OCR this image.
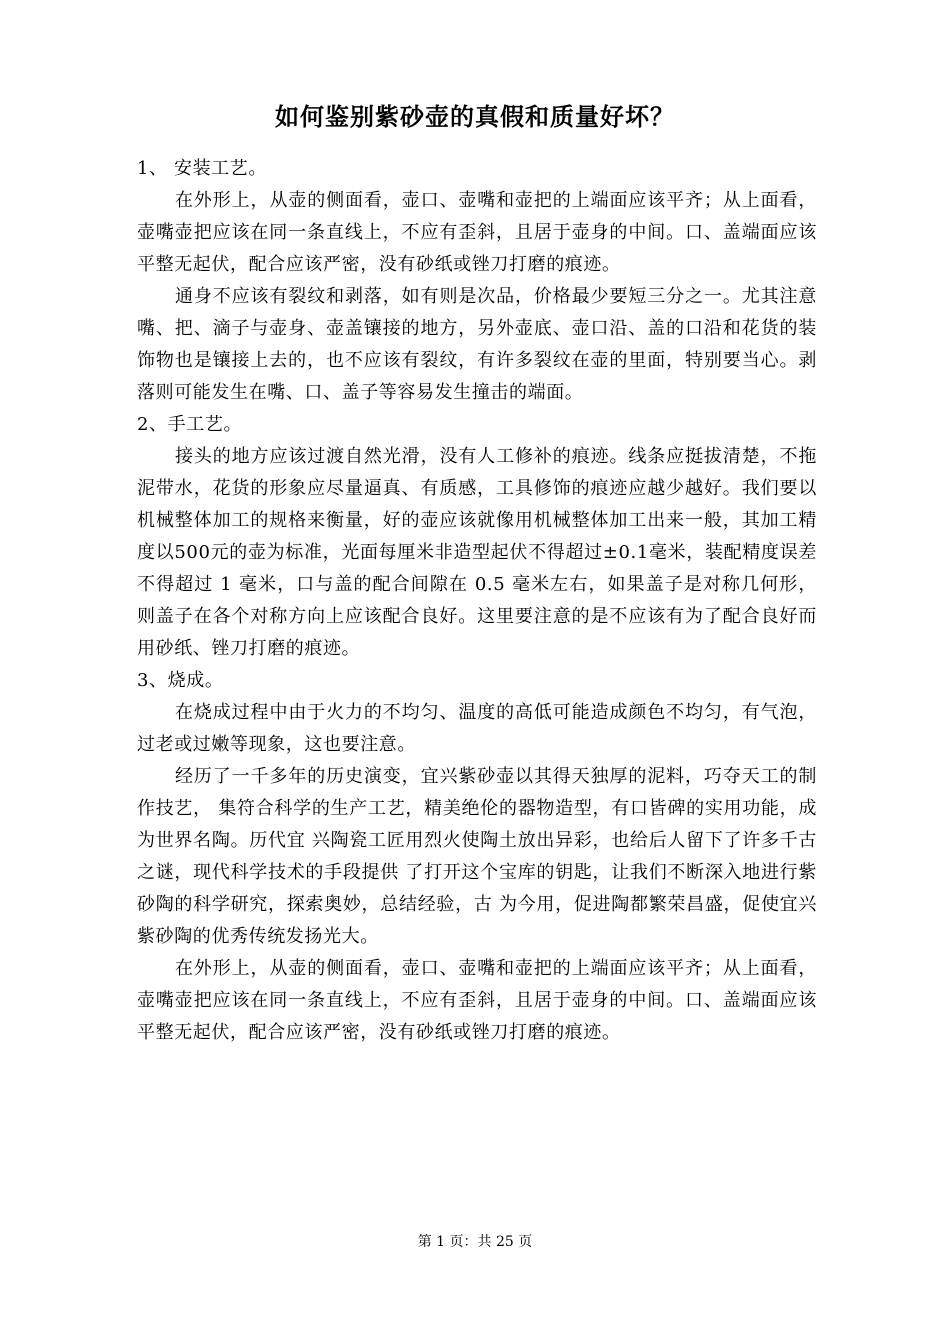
如何鉴别紫砂壶的真假和质量好坏？

1、 安装工艺。

在外形上，从壶的侧面看，壶口、壶嘴和壶把的上端面应该平齐；从上面看，壶嘴壶把应该在同一条直线上，不应有歪斜，且居于壶身的中间。口、盖端面应该平整无起伏，配合应该严密，没有砂纸或锉刀打磨的痕迹。

通身不应该有裂纹和剥落，如有则是次品，价格最少要短三分之一。尤其注意嘴、把、滴子与壶身、壶盖镶接的地方，另外壶底、壶口沿、盖的口沿和花货的装饰物也是镶接上去的，也不应该有裂纹，有许多裂纹在壶的里面，特别要当心。剥落则可能发生在嘴、口、盖子等容易发生撞击的端面。

2、手工艺。

接头的地方应该过渡自然光滑，没有人工修补的痕迹。线条应挺拔清楚，不拖泥带水，花货的形象应尽量逼真、有质感，工具修饰的痕迹应越少越好。我们要以机械整体加工的规格来衡量，好的壶应该就像用机械整体加工出来一般，其加工精度以500元的壶为标准，光面每厘米非造型起伏不得超过±0.1毫米，装配精度误差不得超过 1 毫米，口与盖的配合间隙在 0.5 毫米左右，如果盖子是对称几何形，则盖子在各个对称方向上应该配合良好。这里要注意的是不应该有为了配合良好而用砂纸、锉刀打磨的痕迹。

3、烧成。

在烧成过程中由于火力的不均匀、温度的高低可能造成颜色不均匀，有气泡，过老或过嫩等现象，这也要注意。

经历了一千多年的历史演变，宜兴紫砂壶以其得天独厚的泥料，巧夺天工的制作技艺， 集符合科学的生产工艺，精美绝伦的器物造型，有口皆碑的实用功能，成为世界名陶。历代宜 兴陶瓷工匠用烈火使陶土放出异彩，也给后人留下了许多千古之谜，现代科学技术的手段提供 了打开这个宝库的钥匙，让我们不断深入地进行紫砂陶的科学研究，探索奥妙，总结经验，古 为今用，促进陶都繁荣昌盛，促使宜兴紫砂陶的优秀传统发扬光大。

在外形上，从壶的侧面看，壶口、壶嘴和壶把的上端面应该平齐；从上面看，壶嘴壶把应该在同一条直线上，不应有歪斜，且居于壶身的中间。口、盖端面应该平整无起伏，配合应该严密，没有砂纸或锉刀打磨的痕迹。

第 1 页：共 25 页
